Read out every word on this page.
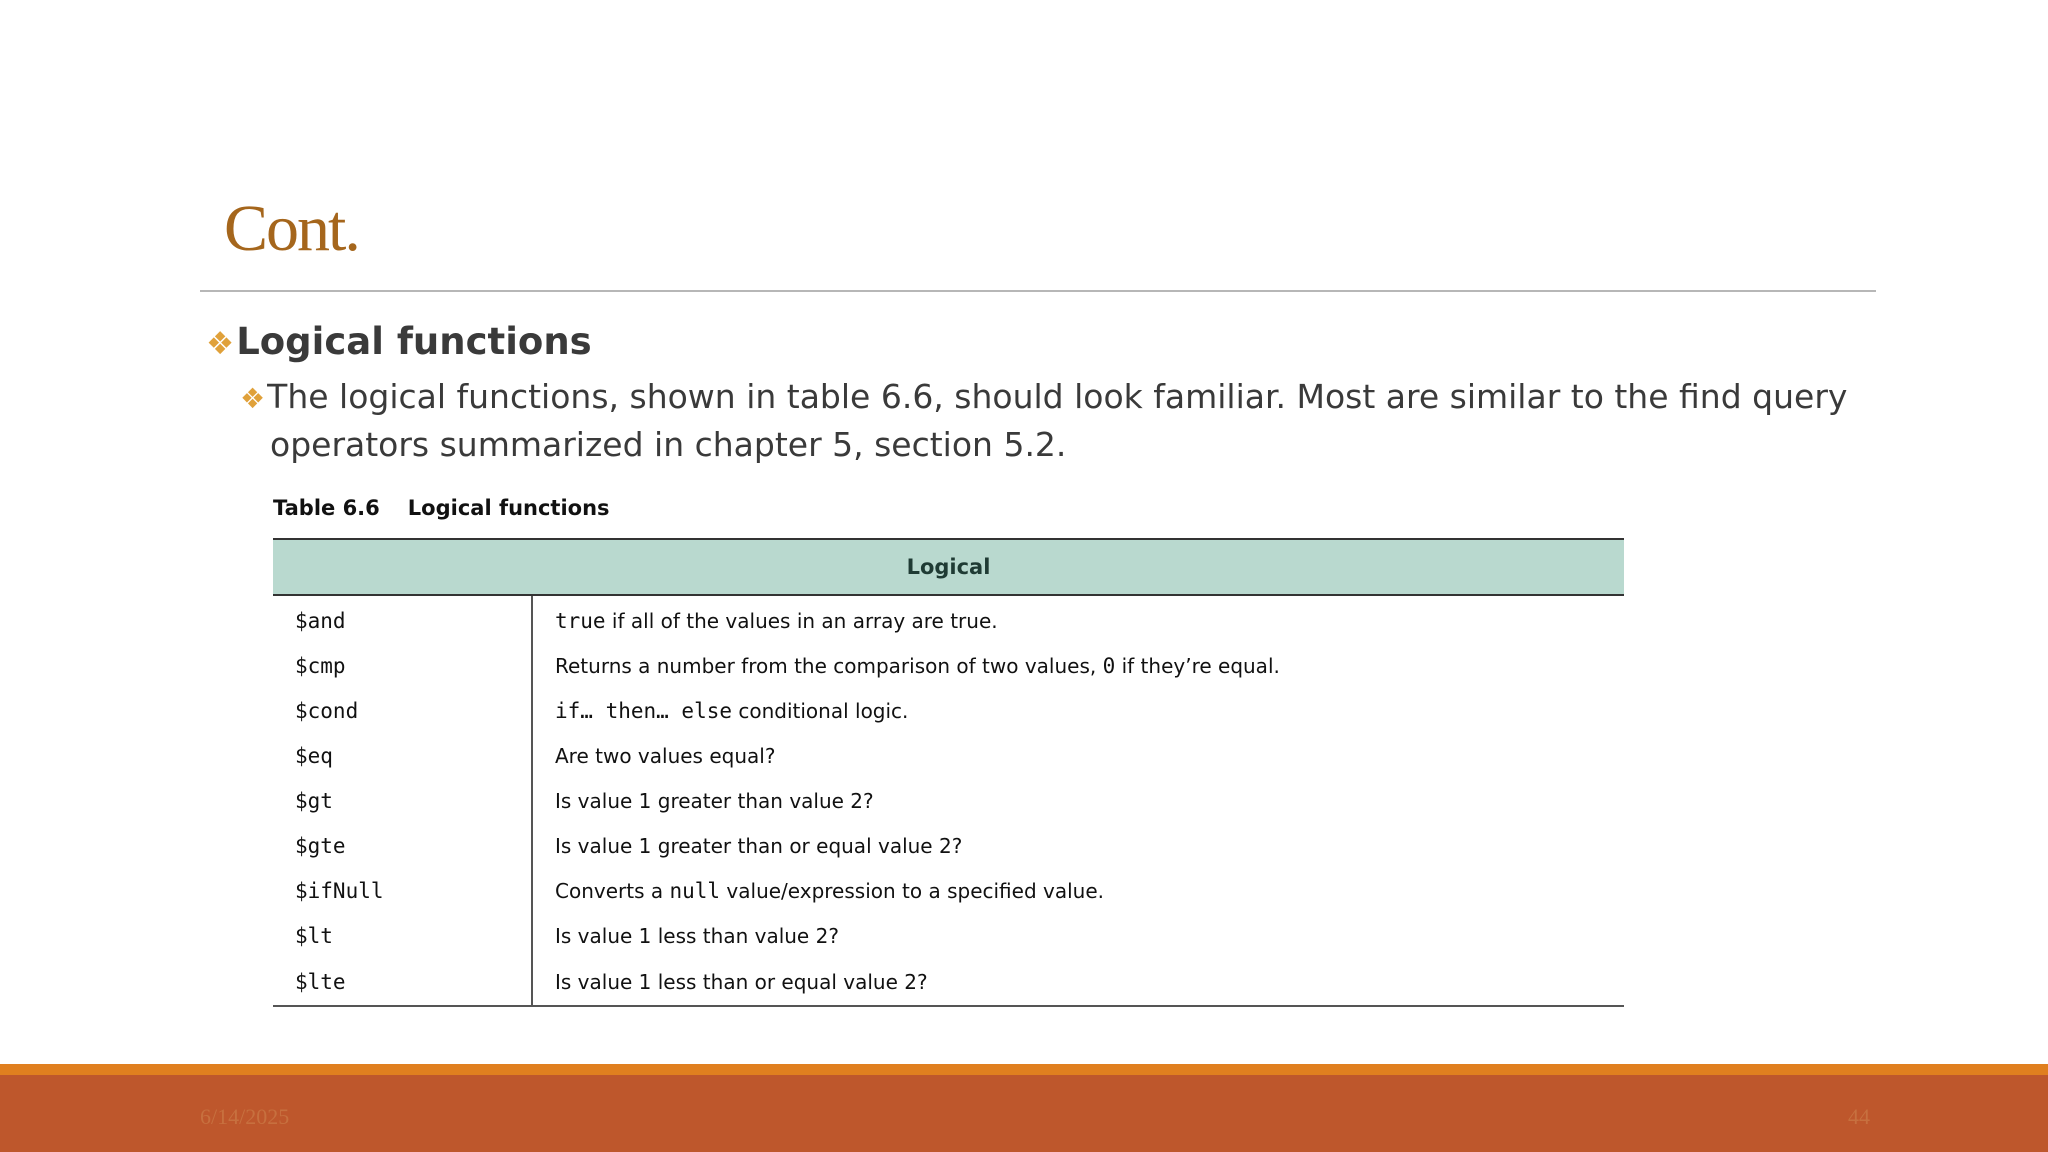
Cont.
❖Logical functions
❖The logical functions, shown in table 6.6, should look familiar. Most are similar to the find query operators summarized in chapter 5, section 5.2.
Table 6.6 Logical functions
Logical	
$and	true if all of the values in an array are true.
$cmp	Returns a number from the comparison of two values, 0 if they’re equal.
$cond	if… then… else conditional logic.
$eq	Are two values equal?
$gt	Is value 1 greater than value 2?
$gte	Is value 1 greater than or equal value 2?
$ifNull	Converts a null value/expression to a specified value.
$lt	Is value 1 less than value 2?
$lte	Is value 1 less than or equal value 2?
6/14/2025	44
